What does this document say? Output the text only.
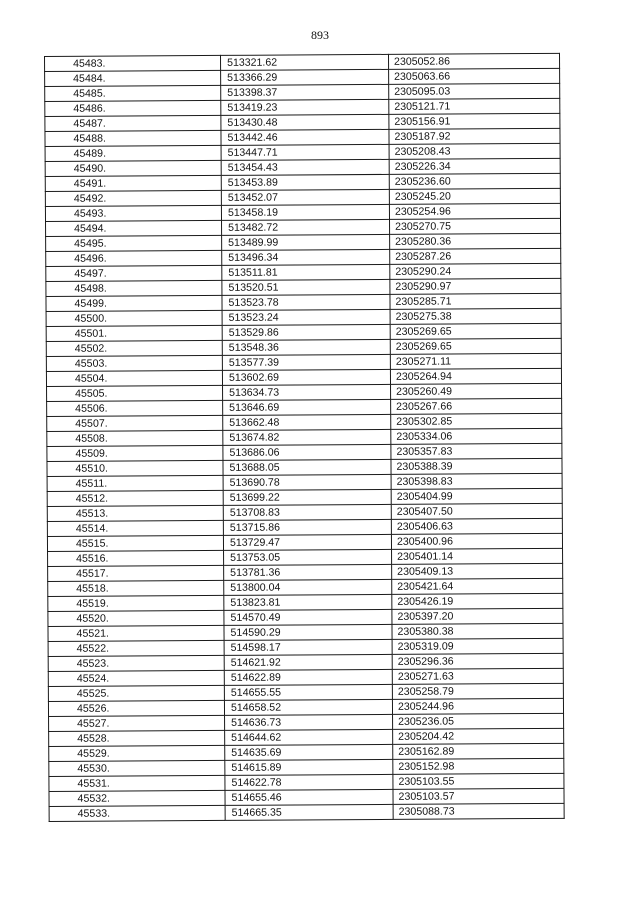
893
45483.	513321.62	2305052.86
45484.	513366.29	2305063.66
45485.	513398.37	2305095.03
45486.	513419.23	2305121.71
45487.	513430.48	2305156.91
45488.	513442.46	2305187.92
45489.	513447.71	2305208.43
45490.	513454.43	2305226.34
45491.	513453.89	2305236.60
45492.	513452.07	2305245.20
45493.	513458.19	2305254.96
45494.	513482.72	2305270.75
45495.	513489.99	2305280.36
45496.	513496.34	2305287.26
45497.	513511.81	2305290.24
45498.	513520.51	2305290.97
45499.	513523.78	2305285.71
45500.	513523.24	2305275.38
45501.	513529.86	2305269.65
45502.	513548.36	2305269.65
45503.	513577.39	2305271.11
45504.	513602.69	2305264.94
45505.	513634.73	2305260.49
45506.	513646.69	2305267.66
45507.	513662.48	2305302.85
45508.	513674.82	2305334.06
45509.	513686.06	2305357.83
45510.	513688.05	2305388.39
45511.	513690.78	2305398.83
45512.	513699.22	2305404.99
45513.	513708.83	2305407.50
45514.	513715.86	2305406.63
45515.	513729.47	2305400.96
45516.	513753.05	2305401.14
45517.	513781.36	2305409.13
45518.	513800.04	2305421.64
45519.	513823.81	2305426.19
45520.	514570.49	2305397.20
45521.	514590.29	2305380.38
45522.	514598.17	2305319.09
45523.	514621.92	2305296.36
45524.	514622.89	2305271.63
45525.	514655.55	2305258.79
45526.	514658.52	2305244.96
45527.	514636.73	2305236.05
45528.	514644.62	2305204.42
45529.	514635.69	2305162.89
45530.	514615.89	2305152.98
45531.	514622.78	2305103.55
45532.	514655.46	2305103.57
45533.	514665.35	2305088.73
